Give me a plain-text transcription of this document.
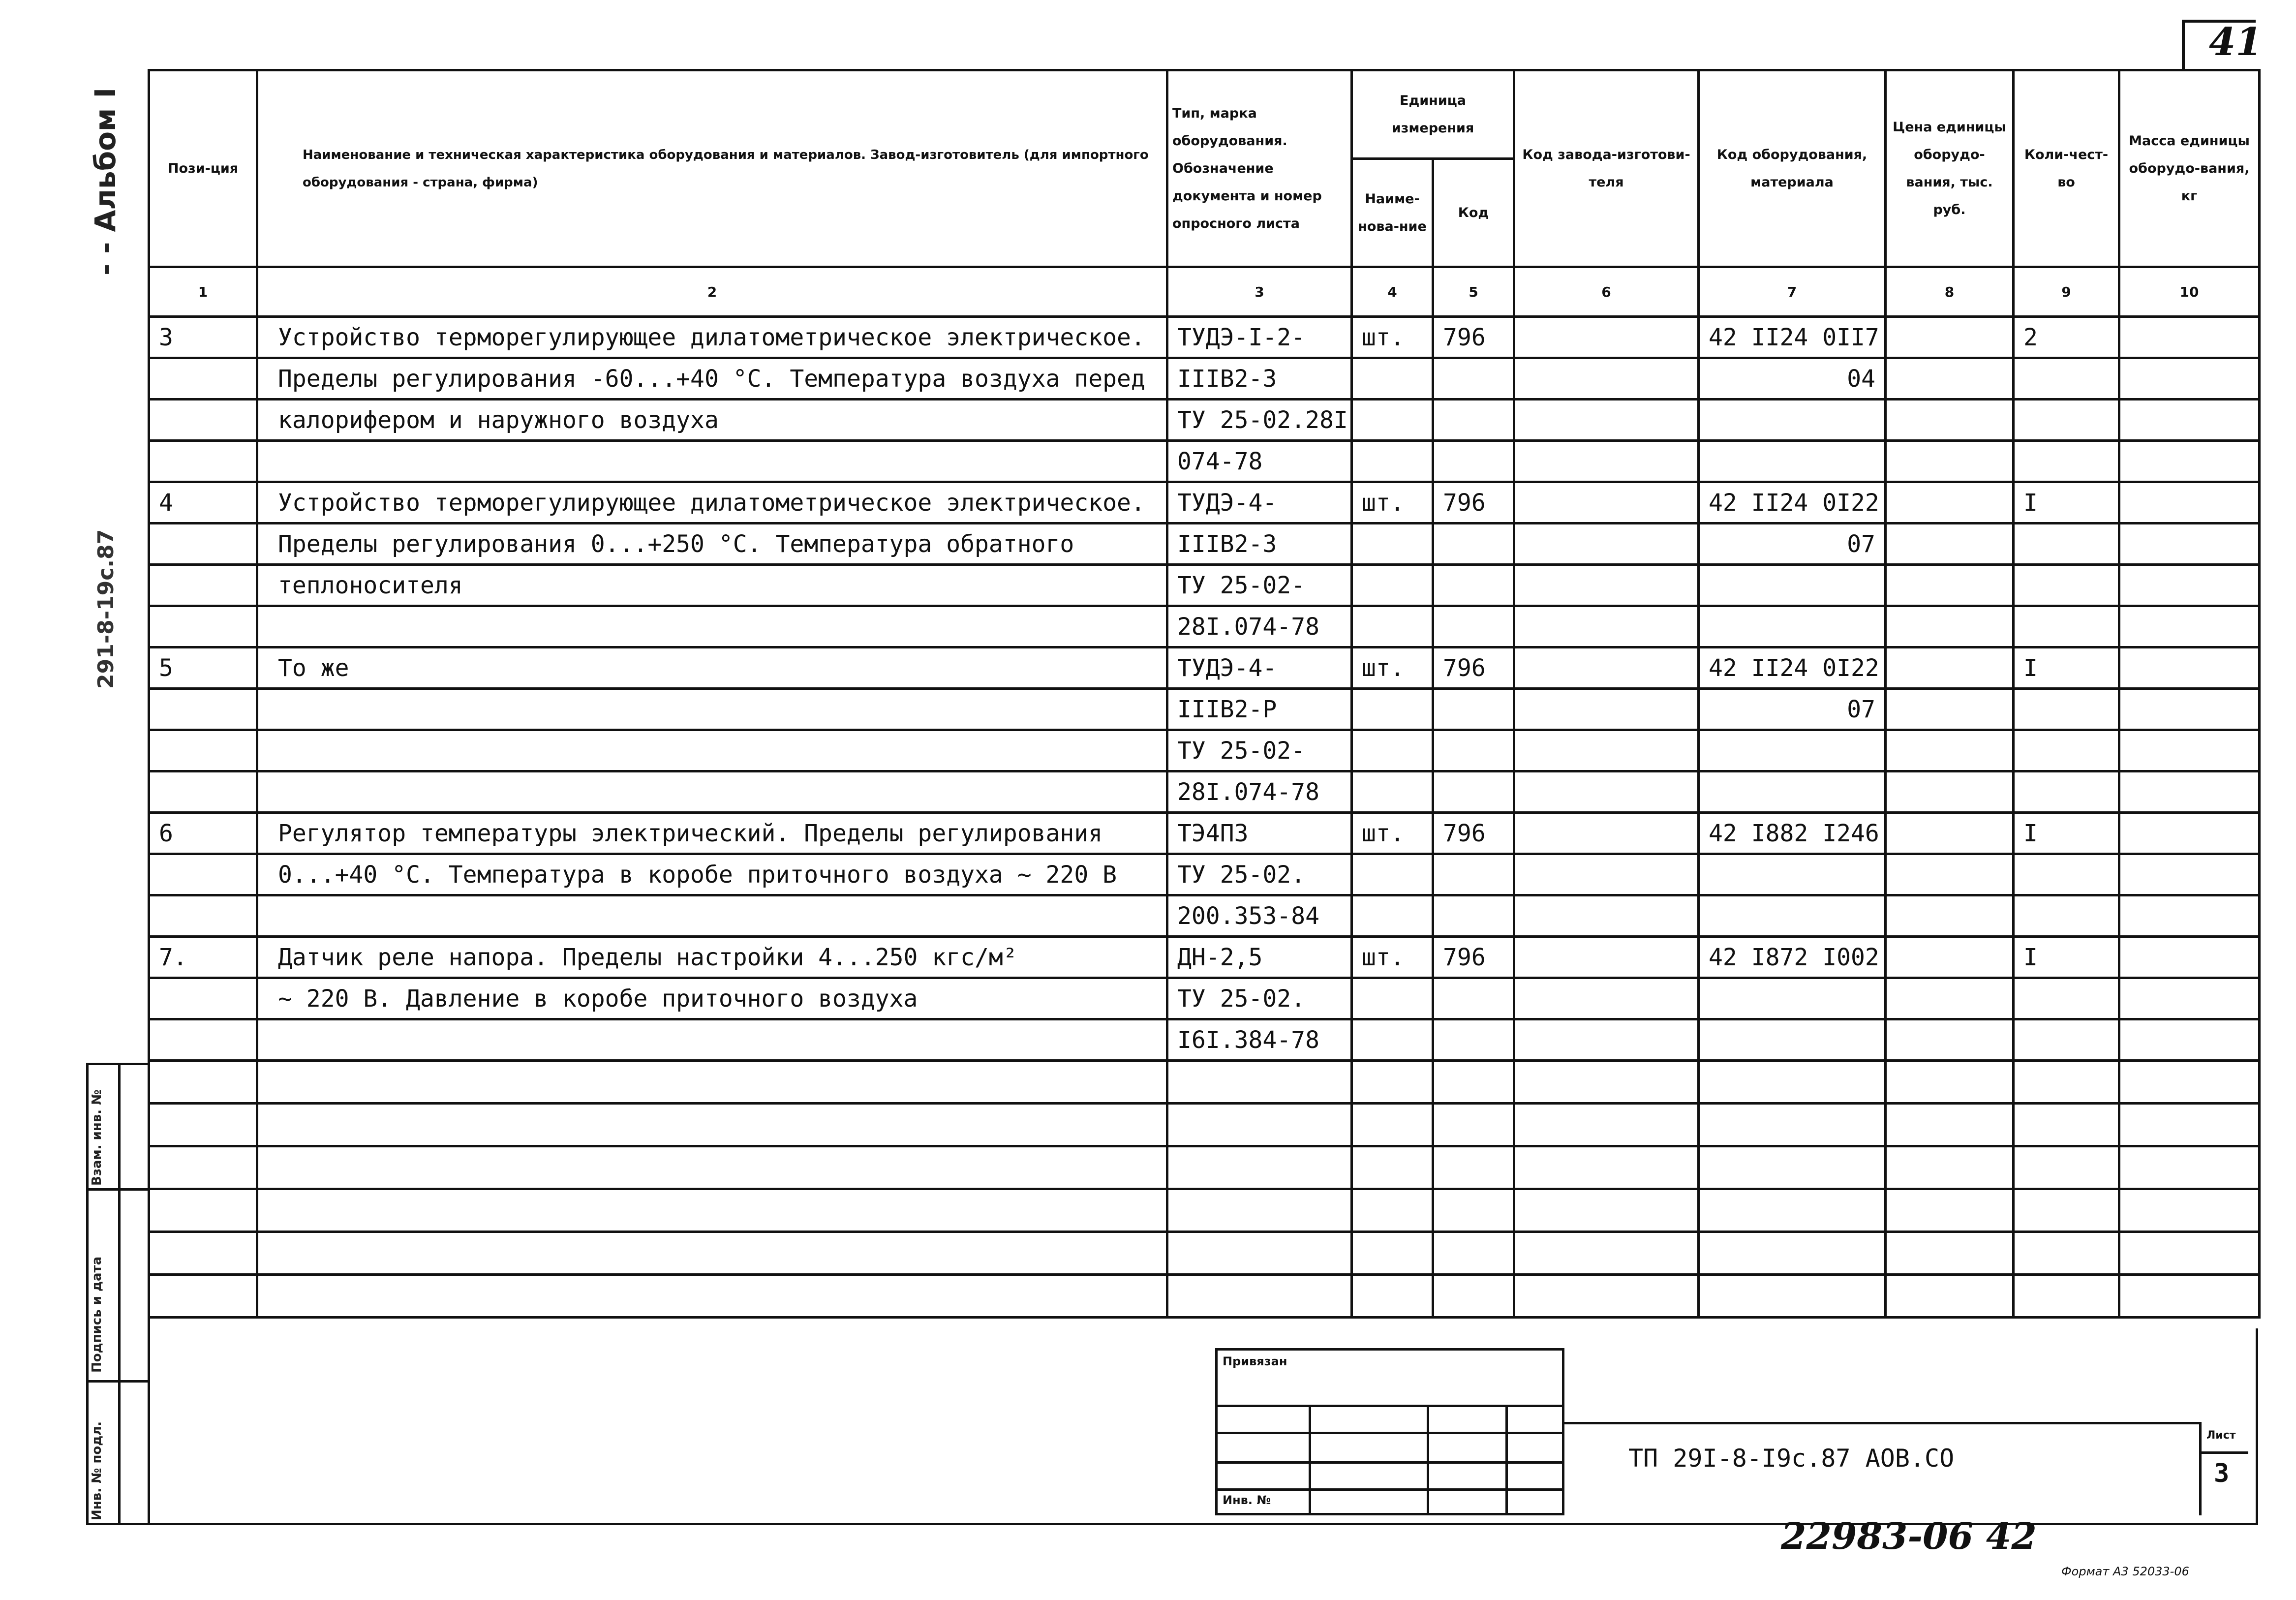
41
- - Альбом I
291-8-19с.87
Взам. инв. №
Подпись и дата
Инв. № подл.
Пози-ция	Наименование и техническая характеристика оборудования и материалов. Завод-изготовитель (для импортного оборудования - страна, фирма)	Тип, марка оборудования. Обозначение документа и номер опросного листа	Единица измерения		Код завода-изготови-теля	Код оборудования, материала	Цена единицы оборудо-вания, тыс. руб.	Коли-чест-во	Масса единицы оборудо-вания, кг
			Наиме-нова-ние	Код					
1	2	3	4	5	6	7	8	9	10
3	Устройство терморегулирующее дилатометрическое электрическое.	ТУДЭ-I-2-	шт.	796		42 II24 0II7		2	
	Пределы регулирования -60...+40 °С. Температура воздуха перед	IIIВ2-3				04			
	калорифером и наружного воздуха	ТУ 25-02.28I							
		074-78							
4	Устройство терморегулирующее дилатометрическое электрическое.	ТУДЭ-4-	шт.	796		42 II24 0I22		I	
	Пределы регулирования 0...+250 °С. Температура обратного	IIIВ2-3				07			
	теплоносителя	ТУ 25-02-							
		28I.074-78							
5	То же	ТУДЭ-4-	шт.	796		42 II24 0I22		I	
		IIIВ2-Р				07			
		ТУ 25-02-							
		28I.074-78							
6	Регулятор температуры электрический. Пределы регулирования	ТЭ4П3	шт.	796		42 I882 I246		I	
	0...+40 °С. Температура в коробе приточного воздуха ~ 220 В	ТУ 25-02.							
		200.353-84							
7.	Датчик реле напора. Пределы настройки 4...250 кгс/м²	ДН-2,5	шт.	796		42 I872 I002		I	
	~ 220 В. Давление в коробе приточного воздуха	ТУ 25-02.							
		I6I.384-78							

Привязан
Инв. №
ТП 29I-8-I9с.87 АОВ.СО
Лист
3
22983-06 42
Формат А3 52033-06
